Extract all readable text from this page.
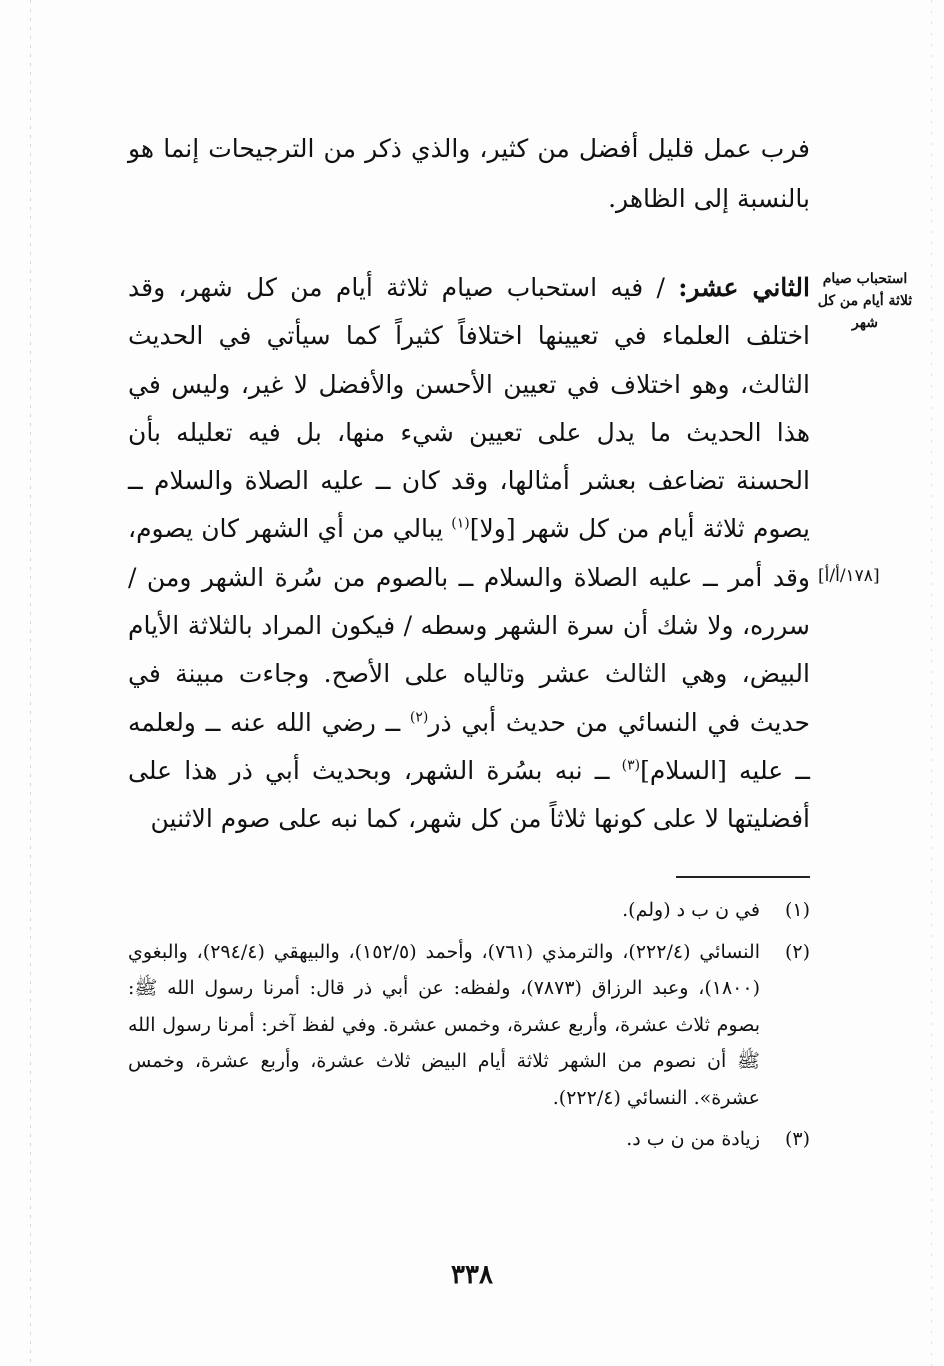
فرب عمل قليل أفضل من كثير، والذي ذكر من الترجيحات إنما هو بالنسبة إلى الظاهر.
استحباب صيام ثلاثة أيام من كل شهر
[١٧٨/أ/أ]

الثاني عشر: / فيه استحباب صيام ثلاثة أيام من كل شهر، وقد اختلف العلماء في تعيينها اختلافاً كثيراً كما سيأتي في الحديث الثالث، وهو اختلاف في تعيين الأحسن والأفضل لا غير، وليس في هذا الحديث ما يدل على تعيين شيء منها، بل فيه تعليله بأن الحسنة تضاعف بعشر أمثالها، وقد كان ــ عليه الصلاة والسلام ــ يصوم ثلاثة أيام من كل شهر [ولا]$^{(١)}$ يبالي من أي الشهر كان يصوم، وقد أمر ــ عليه الصلاة والسلام ــ بالصوم من سُرة الشهر ومن / سرره، ولا شك أن سرة الشهر وسطه / فيكون المراد بالثلاثة الأيام البيض، وهي الثالث عشر وتالياه على الأصح. وجاءت مبينة في حديث في النسائي من حديث أبي ذر$^{(٢)}$ ــ رضي الله عنه ــ ولعلمه ــ عليه [السلام]$^{(٣)}$ ــ نبه بسُرة الشهر، وبحديث أبي ذر هذا على أفضليتها لا على كونها ثلاثاً من كل شهر، كما نبه على صوم الاثنين

(١)
في ن ب د (ولم).
(٢)
النسائي (٢٢٢/٤)، والترمذي (٧٦١)، وأحمد (١٥٢/٥)، والبيهقي (٢٩٤/٤)، والبغوي (١٨٠٠)، وعبد الرزاق (٧٨٧٣)، ولفظه: عن أبي ذر قال: أمرنا رسول الله ﷺ: بصوم ثلاث عشرة، وأربع عشرة، وخمس عشرة. وفي لفظ آخر: أمرنا رسول الله ﷺ أن نصوم من الشهر ثلاثة أيام البيض ثلاث عشرة، وأربع عشرة، وخمس عشرة». النسائي (٢٢٢/٤).
(٣)
زيادة من ن ب د.
٣٣٨
